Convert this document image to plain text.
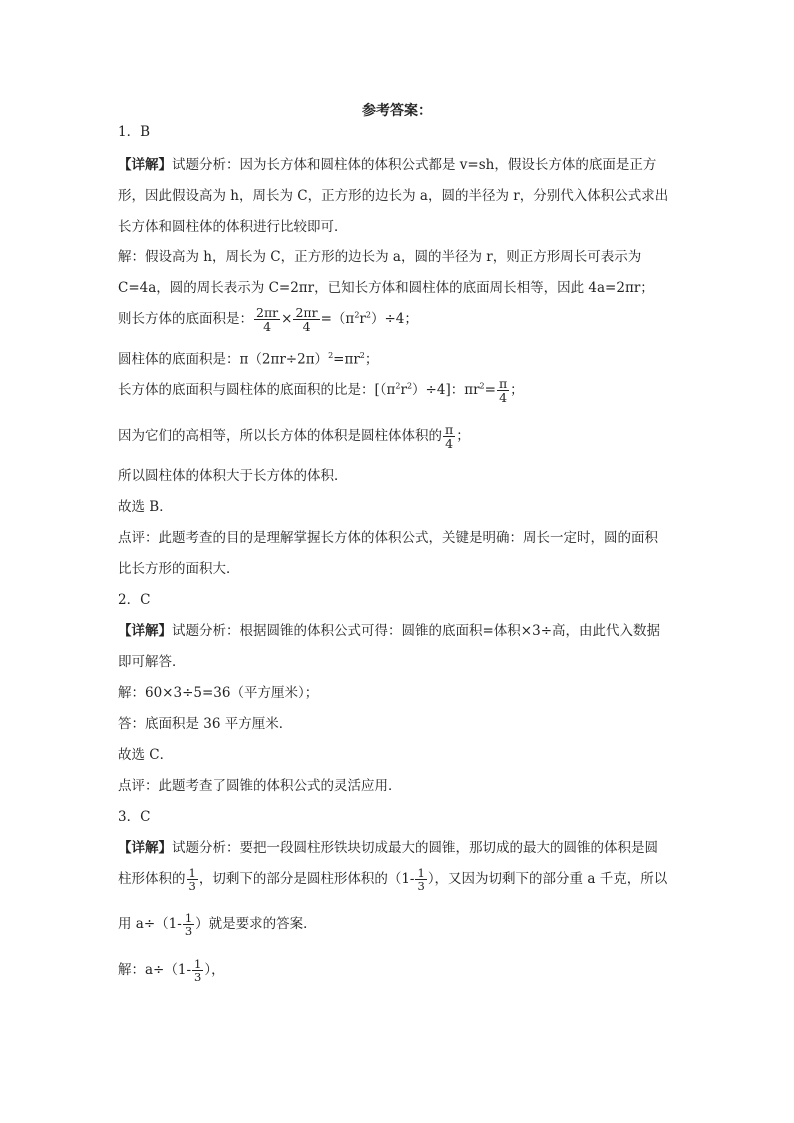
参考答案：
1．B
【详解】试题分析：因为长方体和圆柱体的体积公式都是 v=sh，假设长方体的底面是正方
形，因此假设高为 h，周长为 C，正方形的边长为 a，圆的半径为 r，分别代入体积公式求出
长方体和圆柱体的体积进行比较即可．
解：假设高为 h，周长为 C，正方形的边长为 a，圆的半径为 r，则正方形周长可表示为
C=4a，圆的周长表示为 C=2πr，已知长方体和圆柱体的底面周长相等，因此 4a=2πr；
则长方体的底面积是： $\frac{2\pi r}{4} \times \frac{2\pi r}{4} =(\pi^2r^2)\div 4$；
圆柱体的底面积是：$\pi(2\pi r\div 2\pi)^2=\pi r^2$；
长方体的底面积与圆柱体的底面积的比是：$[(\pi^2r^2)\div 4]$：$\pi r^2= \frac{\pi}{4}$ ；
因为它们的高相等，所以长方体的体积是圆柱体体积的 $\frac{\pi}{4}$ ；
所以圆柱体的体积大于长方体的体积．
故选 B．
点评：此题考查的目的是理解掌握长方体的体积公式，关键是明确：周长一定时，圆的面积
比长方形的面积大．
2．C
【详解】试题分析：根据圆锥的体积公式可得：圆锥的底面积=体积×3÷高，由此代入数据
即可解答．
解：60×3÷5=36（平方厘米）；
答：底面积是 36 平方厘米．
故选 C．
点评：此题考查了圆锥的体积公式的灵活应用．
3．C
【详解】试题分析：要把一段圆柱形铁块切成最大的圆锥，那切成的最大的圆锥的体积是圆
柱形体积的 $\frac{1}{3}$ ，切剩下的部分是圆柱形体积的（$1- \frac{1}{3}$ ），又因为切剩下的部分重 a 千克，所以
用 $a\div(1- \frac{1}{3}$ ）就是要求的答案．
解：$a\div(1- \frac{1}{3}$ ），
